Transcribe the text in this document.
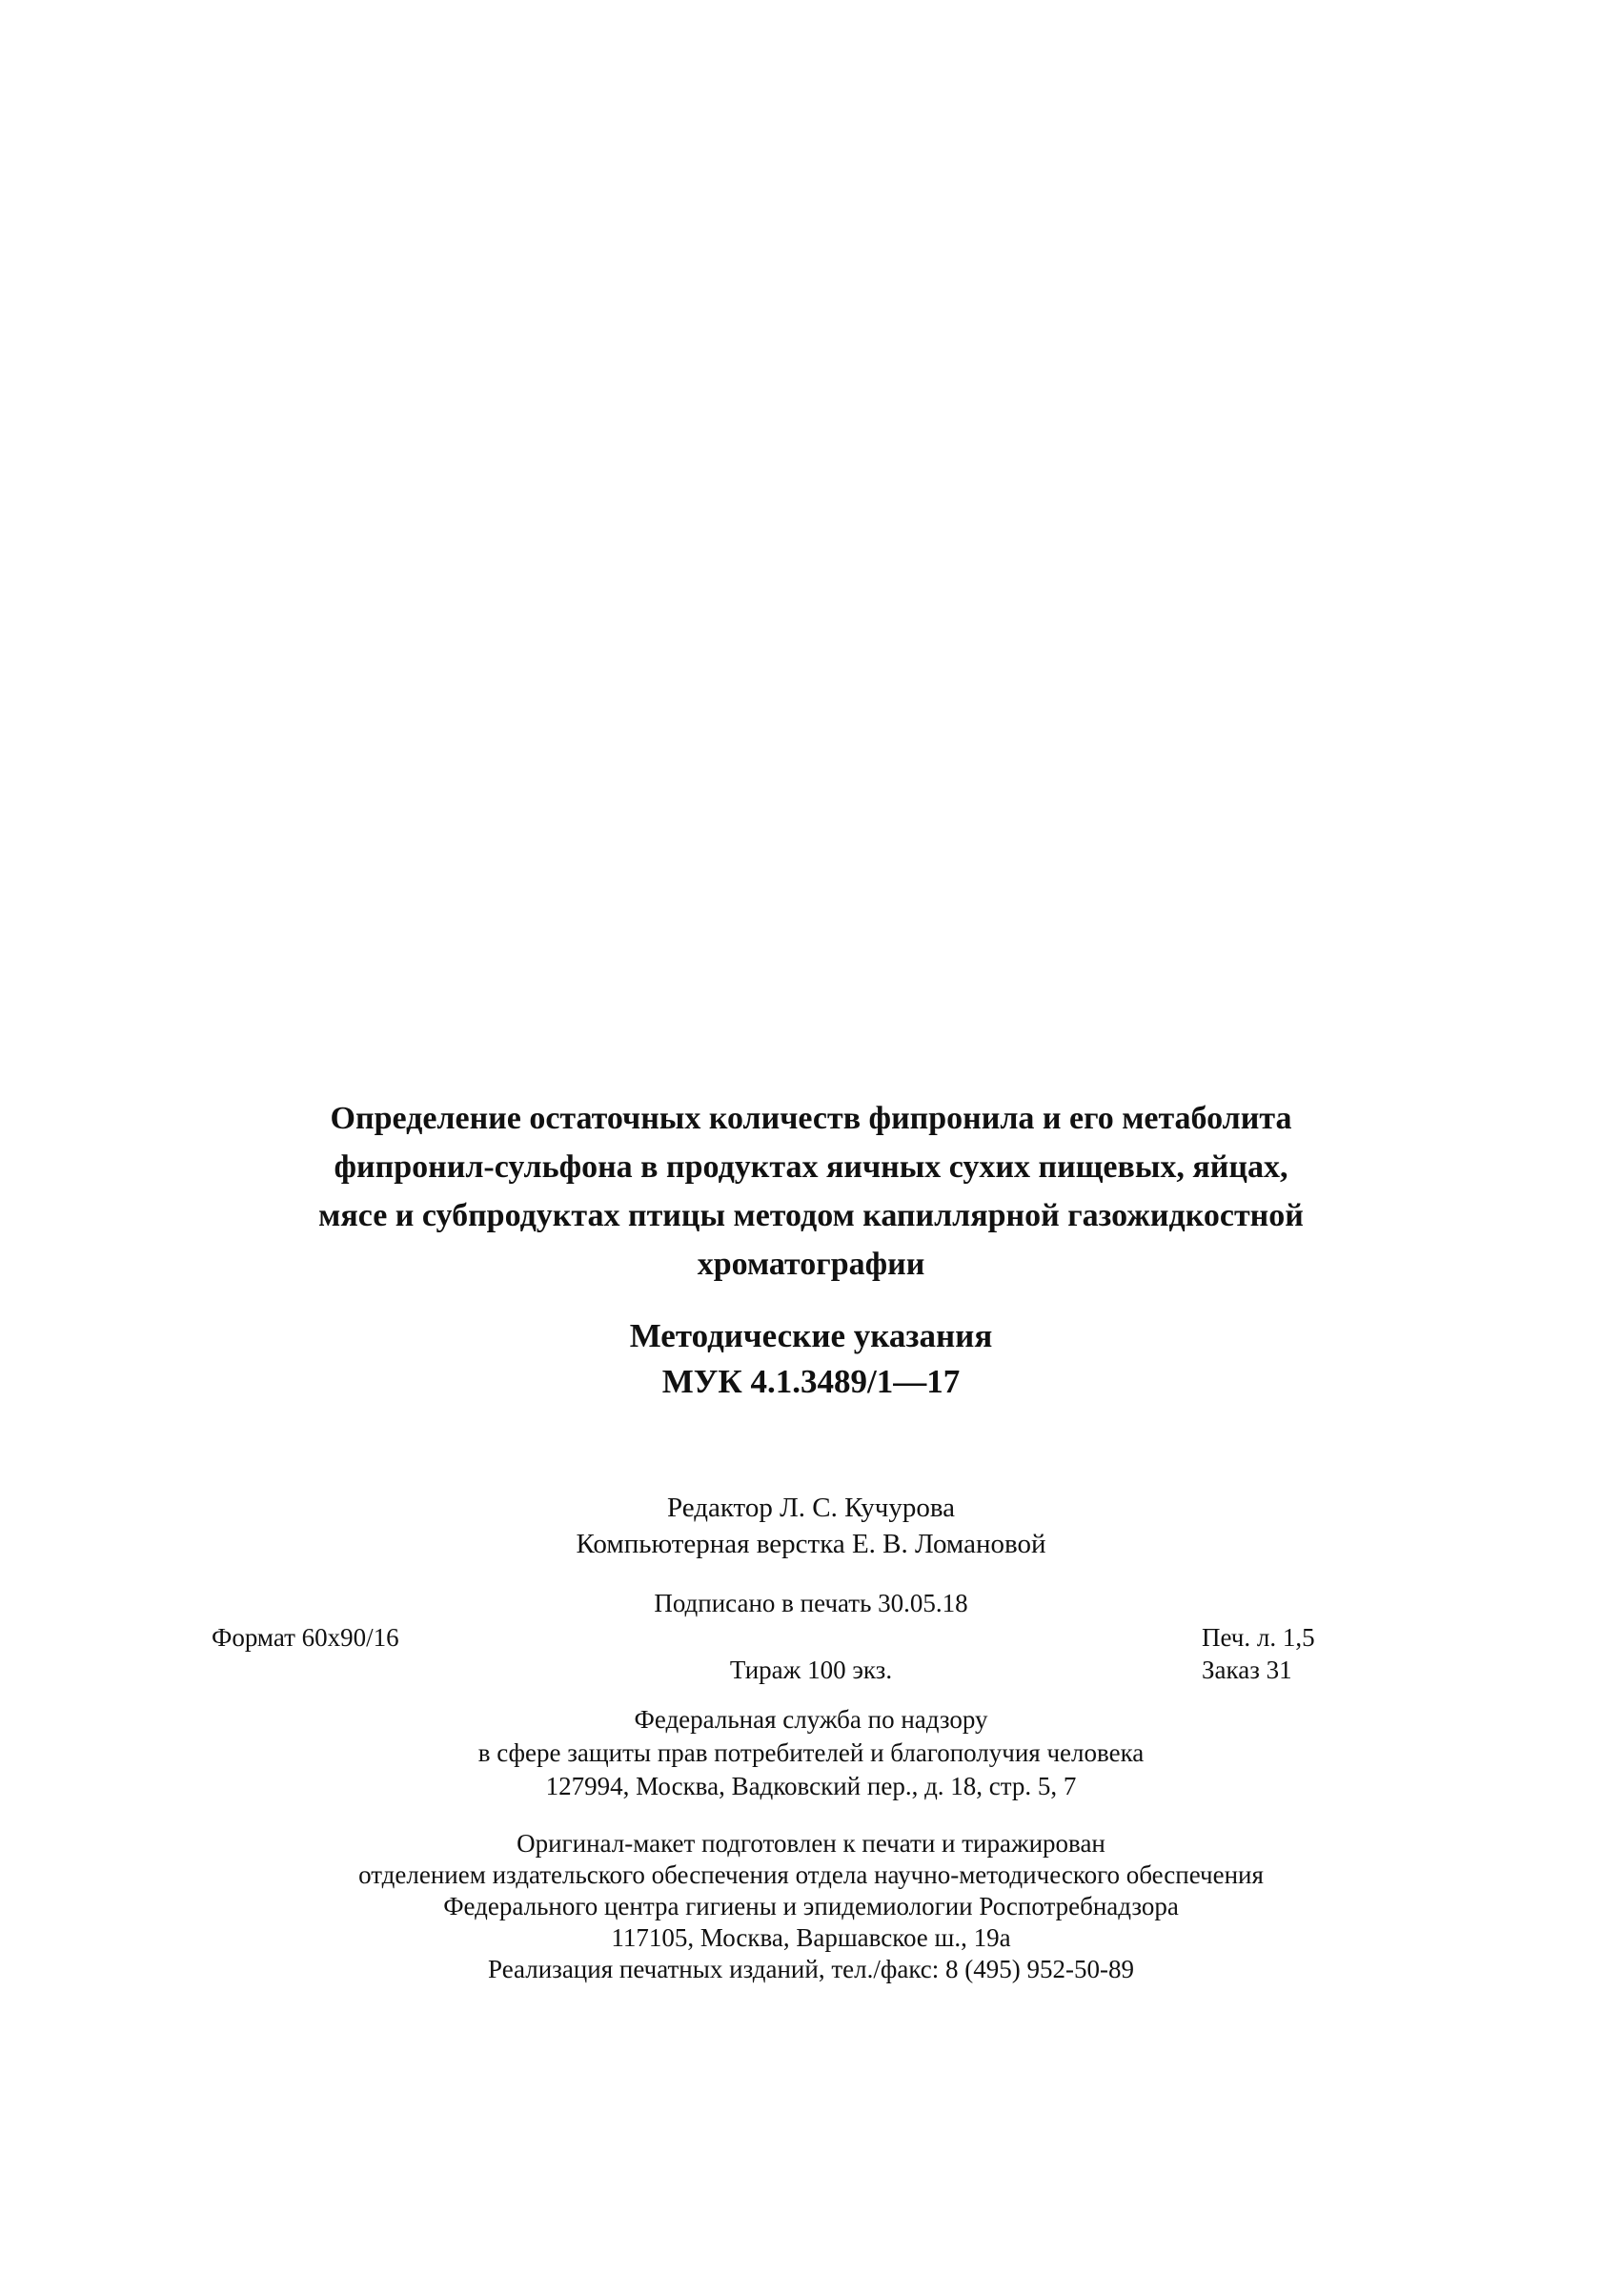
Определение остаточных количеств фипронила и его метаболита
фипронил-сульфона в продуктах яичных сухих пищевых, яйцах,
мясе и субпродуктах птицы методом капиллярной газожидкостной
хроматографии
Методические указания
МУК 4.1.3489/1—17
Редактор Л. С. Кучурова
Компьютерная верстка Е. В. Ломановой
Подписано в печать 30.05.18
Формат 60x90/16	Печ. л. 1,5
Тираж 100 экз.	Заказ 31
Федеральная служба по надзору
в сфере защиты прав потребителей и благополучия человека
127994, Москва, Вадковский пер., д. 18, стр. 5, 7
Оригинал-макет подготовлен к печати и тиражирован
отделением издательского обеспечения отдела научно-методического обеспечения
Федерального центра гигиены и эпидемиологии Роспотребнадзора
117105, Москва, Варшавское ш., 19а
Реализация печатных изданий, тел./факс: 8 (495) 952-50-89
